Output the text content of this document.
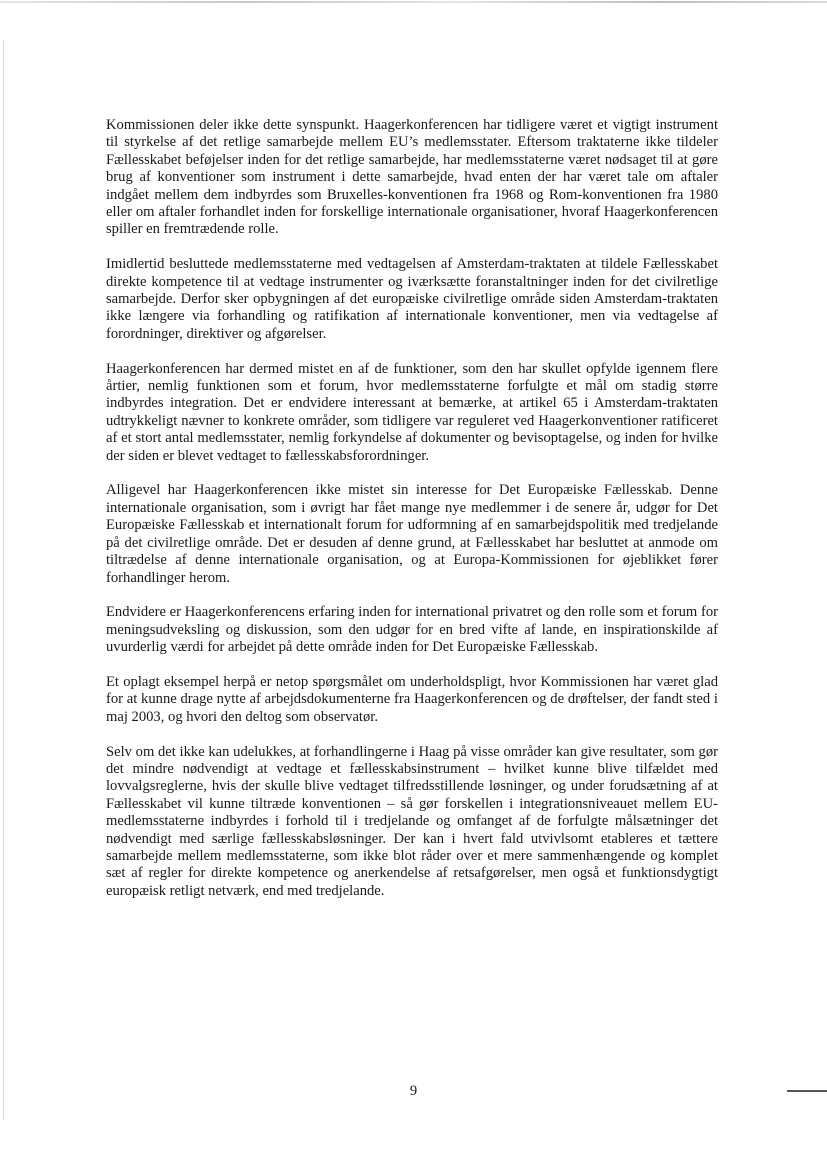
Kommissionen deler ikke dette synspunkt. Haagerkonferencen har tidligere været et vigtigt instrument til styrkelse af det retlige samarbejde mellem EU’s medlemsstater. Eftersom traktaterne ikke tildeler Fællesskabet beføjelser inden for det retlige samarbejde, har medlemsstaterne været nødsaget til at gøre brug af konventioner som instrument i dette samarbejde, hvad enten der har været tale om aftaler indgået mellem dem indbyrdes som Bruxelles-konventionen fra 1968 og Rom-konventionen fra 1980 eller om aftaler forhandlet inden for forskellige internationale organisationer, hvoraf Haagerkonferencen spiller en fremtrædende rolle.

Imidlertid besluttede medlemsstaterne med vedtagelsen af Amsterdam-traktaten at tildele Fællesskabet direkte kompetence til at vedtage instrumenter og iværksætte foranstaltninger inden for det civilretlige samarbejde. Derfor sker opbygningen af det europæiske civilretlige område siden Amsterdam-traktaten ikke længere via forhandling og ratifikation af internationale konventioner, men via vedtagelse af forordninger, direktiver og afgørelser.

Haagerkonferencen har dermed mistet en af de funktioner, som den har skullet opfylde igennem flere årtier, nemlig funktionen som et forum, hvor medlemsstaterne forfulgte et mål om stadig større indbyrdes integration. Det er endvidere interessant at bemærke, at artikel 65 i Amsterdam-traktaten udtrykkeligt nævner to konkrete områder, som tidligere var reguleret ved Haagerkonventioner ratificeret af et stort antal medlemsstater, nemlig forkyndelse af dokumenter og bevisoptagelse, og inden for hvilke der siden er blevet vedtaget to fællesskabsforordninger.

Alligevel har Haagerkonferencen ikke mistet sin interesse for Det Europæiske Fællesskab. Denne internationale organisation, som i øvrigt har fået mange nye medlemmer i de senere år, udgør for Det Europæiske Fællesskab et internationalt forum for udformning af en samarbejdspolitik med tredjelande på det civilretlige område. Det er desuden af denne grund, at Fællesskabet har besluttet at anmode om tiltrædelse af denne internationale organisation, og at Europa-Kommissionen for øjeblikket fører forhandlinger herom.

Endvidere er Haagerkonferencens erfaring inden for international privatret og den rolle som et forum for meningsudveksling og diskussion, som den udgør for en bred vifte af lande, en inspirationskilde af uvurderlig værdi for arbejdet på dette område inden for Det Europæiske Fællesskab.

Et oplagt eksempel herpå er netop spørgsmålet om underholdspligt, hvor Kommissionen har været glad for at kunne drage nytte af arbejdsdokumenterne fra Haagerkonferencen og de drøftelser, der fandt sted i maj 2003, og hvori den deltog som observatør.

Selv om det ikke kan udelukkes, at forhandlingerne i Haag på visse områder kan give resultater, som gør det mindre nødvendigt at vedtage et fællesskabsinstrument – hvilket kunne blive tilfældet med lovvalgsreglerne, hvis der skulle blive vedtaget tilfredsstillende løsninger, og under forudsætning af at Fællesskabet vil kunne tiltræde konventionen – så gør forskellen i integrationsniveauet mellem EU-medlemsstaterne indbyrdes i forhold til i tredjelande og omfanget af de forfulgte målsætninger det nødvendigt med særlige fællesskabsløsninger. Der kan i hvert fald utvivlsomt etableres et tættere samarbejde mellem medlemsstaterne, som ikke blot råder over et mere sammenhængende og komplet sæt af regler for direkte kompetence og anerkendelse af retsafgørelser, men også et funktionsdygtigt europæisk retligt netværk, end med tredjelande.

9
